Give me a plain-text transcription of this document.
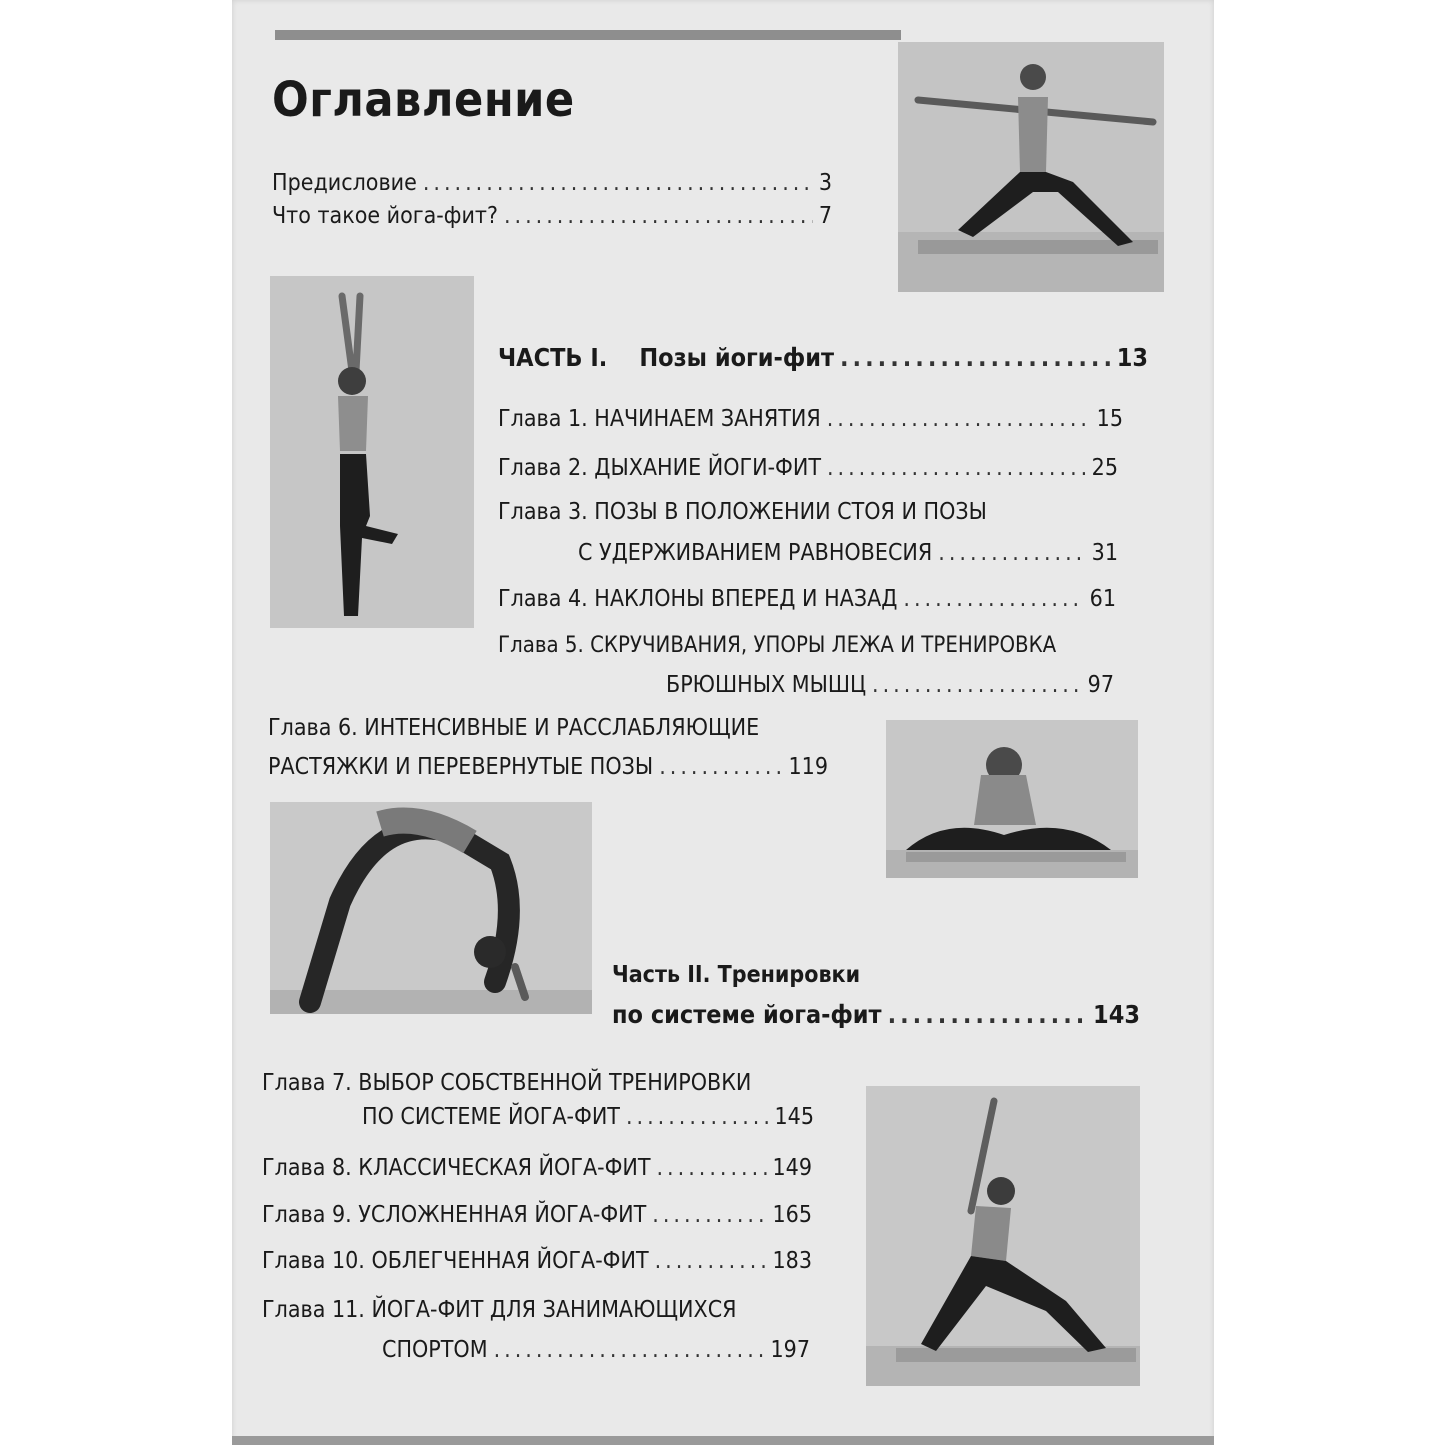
Оглавление
Предисловие .....	3
Что такое йога-фит? .....	7
ЧАСТЬ I. Позы йоги-фит .....	13
Глава 1. НАЧИНАЕМ ЗАНЯТИЯ .....	15
Глава 2. ДЫХАНИЕ ЙОГИ-ФИТ .....	25
Глава 3. ПОЗЫ В ПОЛОЖЕНИИ СТОЯ И ПОЗЫ
С УДЕРЖИВАНИЕМ РАВНОВЕСИЯ .....	31
Глава 4. НАКЛОНЫ ВПЕРЕД И НАЗАД .....	61
Глава 5. СКРУЧИВАНИЯ, УПОРЫ ЛЕЖА И ТРЕНИРОВКА
БРЮШНЫХ МЫШЦ .....	97
Глава 6. ИНТЕНСИВНЫЕ И РАССЛАБЛЯЮЩИЕ
РАСТЯЖКИ И ПЕРЕВЕРНУТЫЕ ПОЗЫ .....	119
Часть II. Тренировки
по системе йога-фит .....	143
Глава 7. ВЫБОР СОБСТВЕННОЙ ТРЕНИРОВКИ
ПО СИСТЕМЕ ЙОГА-ФИТ .....	145
Глава 8. КЛАССИЧЕСКАЯ ЙОГА-ФИТ .....	149
Глава 9. УСЛОЖНЕННАЯ ЙОГА-ФИТ .....	165
Глава 10. ОБЛЕГЧЕННАЯ ЙОГА-ФИТ .....	183
Глава 11. ЙОГА-ФИТ ДЛЯ ЗАНИМАЮЩИХСЯ
СПОРТОМ .....	197
